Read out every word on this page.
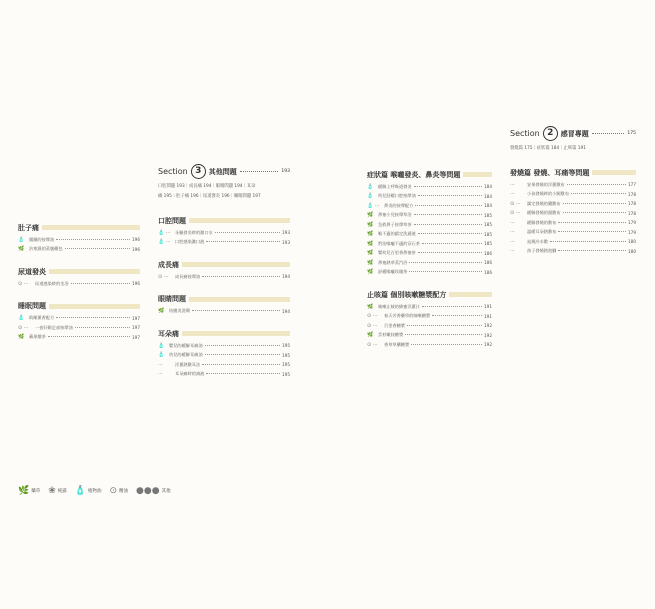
肚子痛
🧴	腸躁的按摩油	196
🌿	治寒濕的蒸腹藥包	196
尿道發炎
⊙ ···	尿道感染時的坐浴	196
睡眠問題
🧴	助睡薰香配方	197
⊙ ···	一夜好眠足部按摩油	197
🌿	蘋果燉茶	197
Section 3	其他問題	193
口腔問題 193｜成長痛 194｜眼睛問題 194｜耳朵
痛 195｜肚子痛 196｜尿道發炎 196｜睡眠問題 197
口腔問題
🧴 ···	牙齦發炎時的漱口水	193
🧴 ···	口腔感染漱口液	193
成長痛
⊙ ···	成長痛按摩油	194
眼睛問題
🌿	結膜炎洗劑	194
耳朵痛
🧴	嬰兒的緩解耳痛油	195
🧴	幼兒的緩解耳痛油	195
···	洋蔥熱敷耳法	195
···	耳朵痛時的滴液	195
症狀篇 喉嚨發炎、鼻炎等問題
🧴	緩解上呼吸道發炎	184
🧴	幼兒舒緩口腔按摩油	184
🧴 ···	鼻炎的按摩配方	184
🌿	鼻塞小兒按摩草浴	185
🌿	急救鼻子按摩草茶	185
🌿	喉不適的鎮定洗滌液	185
🌿	對治喉嚨不適的穿石茶	185
🌿	嬰幼兒百里香鼻塞茶	186
🌿	鼻塞熱草蒸汽浴	186
🌿	舒緩喉嚨玫瑰茶	186
止咳篇 個別咳嗽糖漿配方
🌿	咳嗽止咳的蜂蜜洋蔥汁	191
⊙ ···	春天芳香藥草的咳嗽糖漿	191
⊙ ···	百里香糖漿	192
🌿	雲杉嫩枝糖漿	192
⊙ ···	香草草藥糖漿	192
Section 2	感冒專題	175
發燒篇 175｜症狀篇 184｜止咳篇 191
發燒篇 發燒、耳痛等問題
···	安果發燒的洋蔥敷布	177
···	小孩發燒時的小腿敷布	178
⊙ ···	鎮定發燒的藥敷布	178
⊙ ···	緩解發燒的濕敷布	178
···	緩解發燒的敷布	179
···	溫暖耳朵熱敷布	179
···	退燒冷水敷	180
···	孩子發燒熱泡腳	180
🌿 藥草 ❀ 純露 🧴 植物油 ⊙ 精油 ●●● 其他
